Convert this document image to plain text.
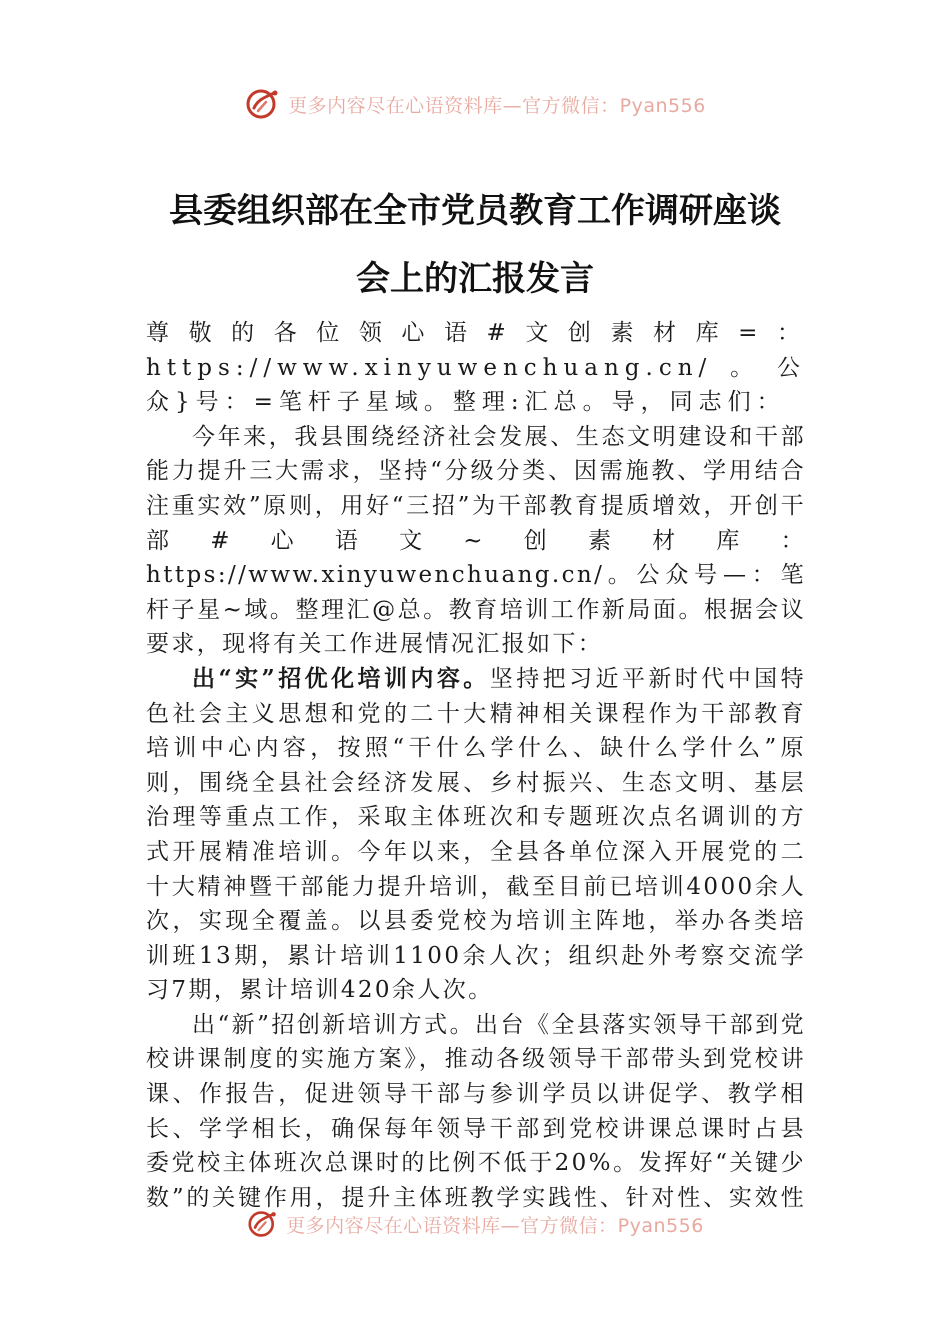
更多内容尽在心语资料库—官方微信：Pyan556
县委组织部在全市党员教育工作调研座谈
会上的汇报发言

尊敬的各位领心语#文创素材库=：https://www.xinyuwenchuang.cn/。公众}号：=笔杆子星域。整理:汇总。导，同志们：

今年来，我县围绕经济社会发展、生态文明建设和干部能力提升三大需求，坚持“分级分类、因需施教、学用结合注重实效”原则，用好“三招”为干部教育提质增效，开创干部#心语文~创素材库：https://www.xinyuwenchuang.cn/。公众号—：笔杆子星~域。整理汇@总。教育培训工作新局面。根据会议要求，现将有关工作进展情况汇报如下：

出“实”招优化培训内容。坚持把习近平新时代中国特色社会主义思想和党的二十大精神相关课程作为干部教育培训中心内容，按照“干什么学什么、缺什么学什么”原则，围绕全县社会经济发展、乡村振兴、生态文明、基层治理等重点工作，采取主体班次和专题班次点名调训的方式开展精准培训。今年以来，全县各单位深入开展党的二十大精神暨干部能力提升培训，截至目前已培训4000余人次，实现全覆盖。以县委党校为培训主阵地，举办各类培训班13期，累计培训1100余人次；组织赴外考察交流学习7期，累计培训420余人次。

出“新”招创新培训方式。出台《全县落实领导干部到党校讲课制度的实施方案》，推动各级领导干部带头到党校讲课、作报告，促进领导干部与参训学员以讲促学、教学相长、学学相长，确保每年领导干部到党校讲课总课时占县委党校主体班次总课时的比例不低于20%。发挥好“关键少数”的关键作用，提升主体班教学实践性、针对性、实效性

更多内容尽在心语资料库—官方微信：Pyan556
